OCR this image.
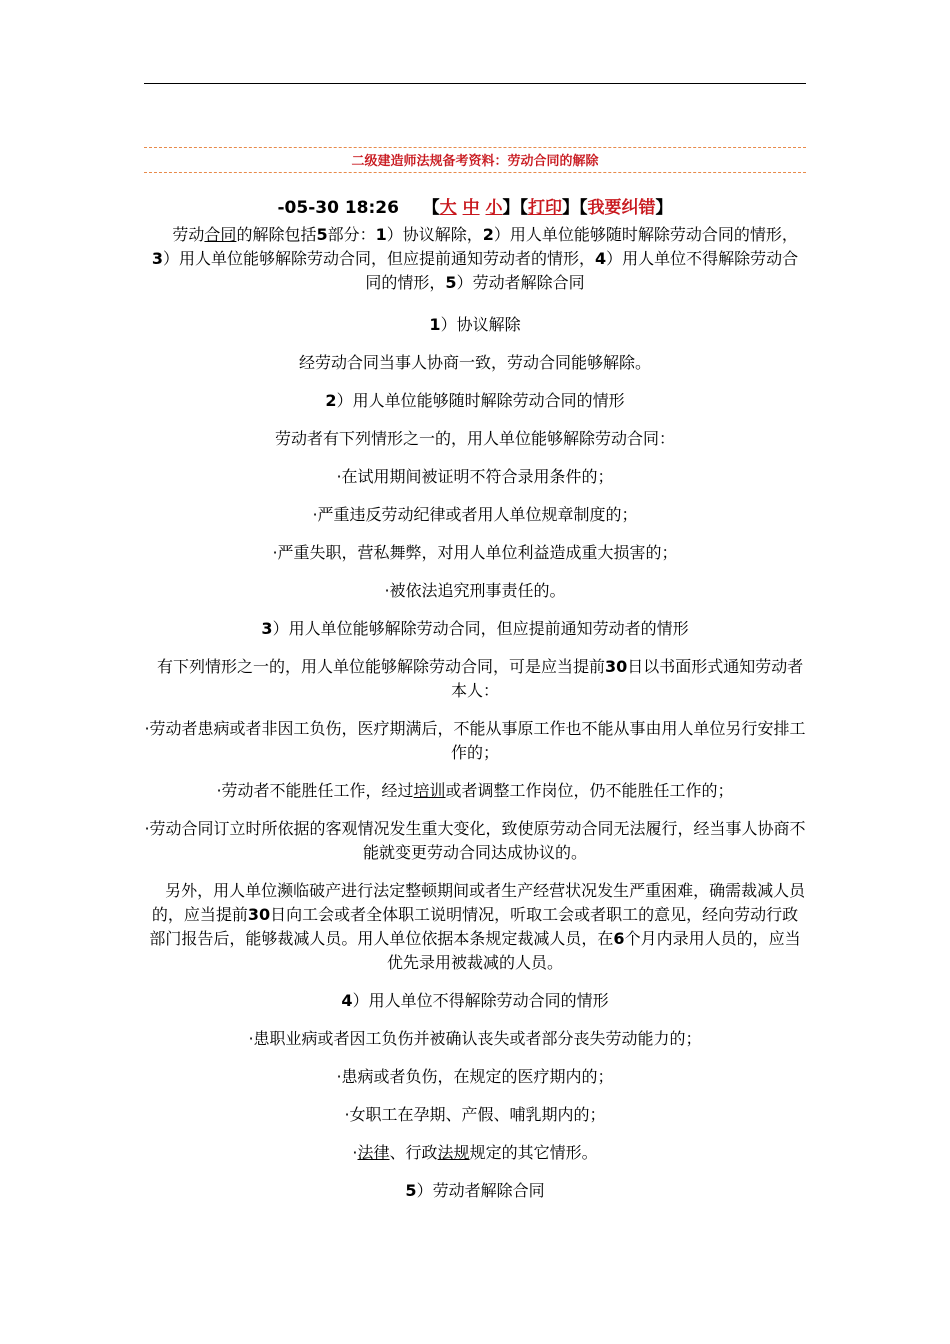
二级建造师法规备考资料：劳动合同的解除
-05-30 18:26 【大 中 小】【打印】【我要纠错】

劳动合同的解除包括5部分：1）协议解除，2）用人单位能够随时解除劳动合同的情形，3）用人单位能够解除劳动合同，但应提前通知劳动者的情形，4）用人单位不得解除劳动合同的情形，5）劳动者解除合同

1）协议解除

经劳动合同当事人协商一致，劳动合同能够解除。

2）用人单位能够随时解除劳动合同的情形

劳动者有下列情形之一的，用人单位能够解除劳动合同：

·在试用期间被证明不符合录用条件的；

·严重违反劳动纪律或者用人单位规章制度的；

·严重失职，营私舞弊，对用人单位利益造成重大损害的；

·被依法追究刑事责任的。

3）用人单位能够解除劳动合同，但应提前通知劳动者的情形

有下列情形之一的，用人单位能够解除劳动合同，可是应当提前30日以书面形式通知劳动者本人：

·劳动者患病或者非因工负伤，医疗期满后，不能从事原工作也不能从事由用人单位另行安排工作的；

·劳动者不能胜任工作，经过培训或者调整工作岗位，仍不能胜任工作的；

·劳动合同订立时所依据的客观情况发生重大变化，致使原劳动合同无法履行，经当事人协商不能就变更劳动合同达成协议的。

另外，用人单位濒临破产进行法定整顿期间或者生产经营状况发生严重困难，确需裁减人员的，应当提前30日向工会或者全体职工说明情况，听取工会或者职工的意见，经向劳动行政部门报告后，能够裁减人员。用人单位依据本条规定裁减人员，在6个月内录用人员的，应当优先录用被裁减的人员。

4）用人单位不得解除劳动合同的情形

·患职业病或者因工负伤并被确认丧失或者部分丧失劳动能力的；

·患病或者负伤，在规定的医疗期内的；

·女职工在孕期、产假、哺乳期内的；

·法律、行政法规规定的其它情形。

5）劳动者解除合同
